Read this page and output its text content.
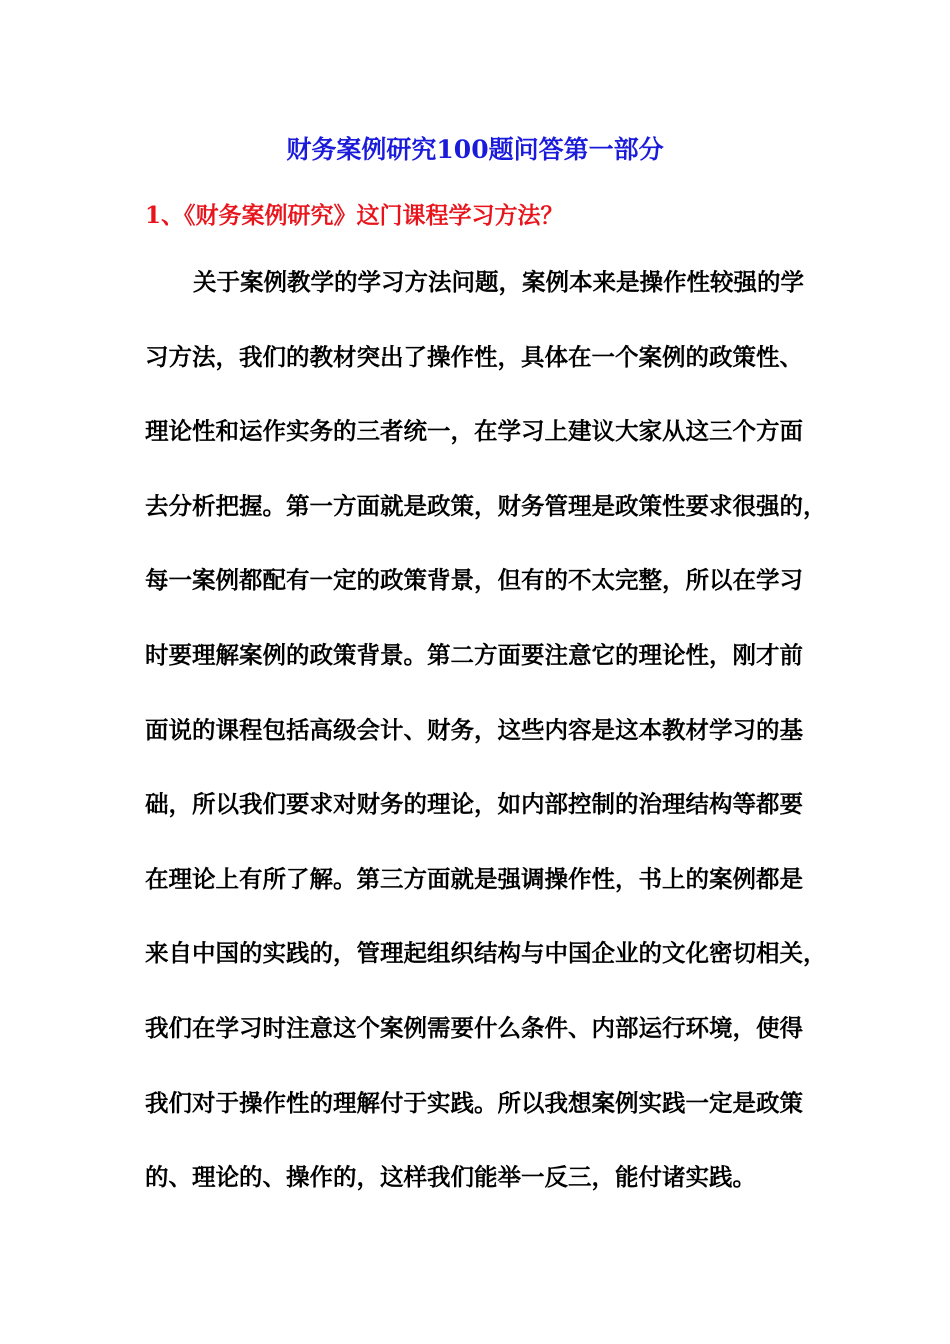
财务案例研究100题问答第一部分
1、《财务案例研究》这门课程学习方法？
关于案例教学的学习方法问题，案例本来是操作性较强的学
习方法，我们的教材突出了操作性，具体在一个案例的政策性、
理论性和运作实务的三者统一，在学习上建议大家从这三个方面
去分析把握。第一方面就是政策，财务管理是政策性要求很强的，
每一案例都配有一定的政策背景，但有的不太完整，所以在学习
时要理解案例的政策背景。第二方面要注意它的理论性，刚才前
面说的课程包括高级会计、财务，这些内容是这本教材学习的基
础，所以我们要求对财务的理论，如内部控制的治理结构等都要
在理论上有所了解。第三方面就是强调操作性，书上的案例都是
来自中国的实践的，管理起组织结构与中国企业的文化密切相关，
我们在学习时注意这个案例需要什么条件、内部运行环境，使得
我们对于操作性的理解付于实践。所以我想案例实践一定是政策
的、理论的、操作的，这样我们能举一反三，能付诸实践。
